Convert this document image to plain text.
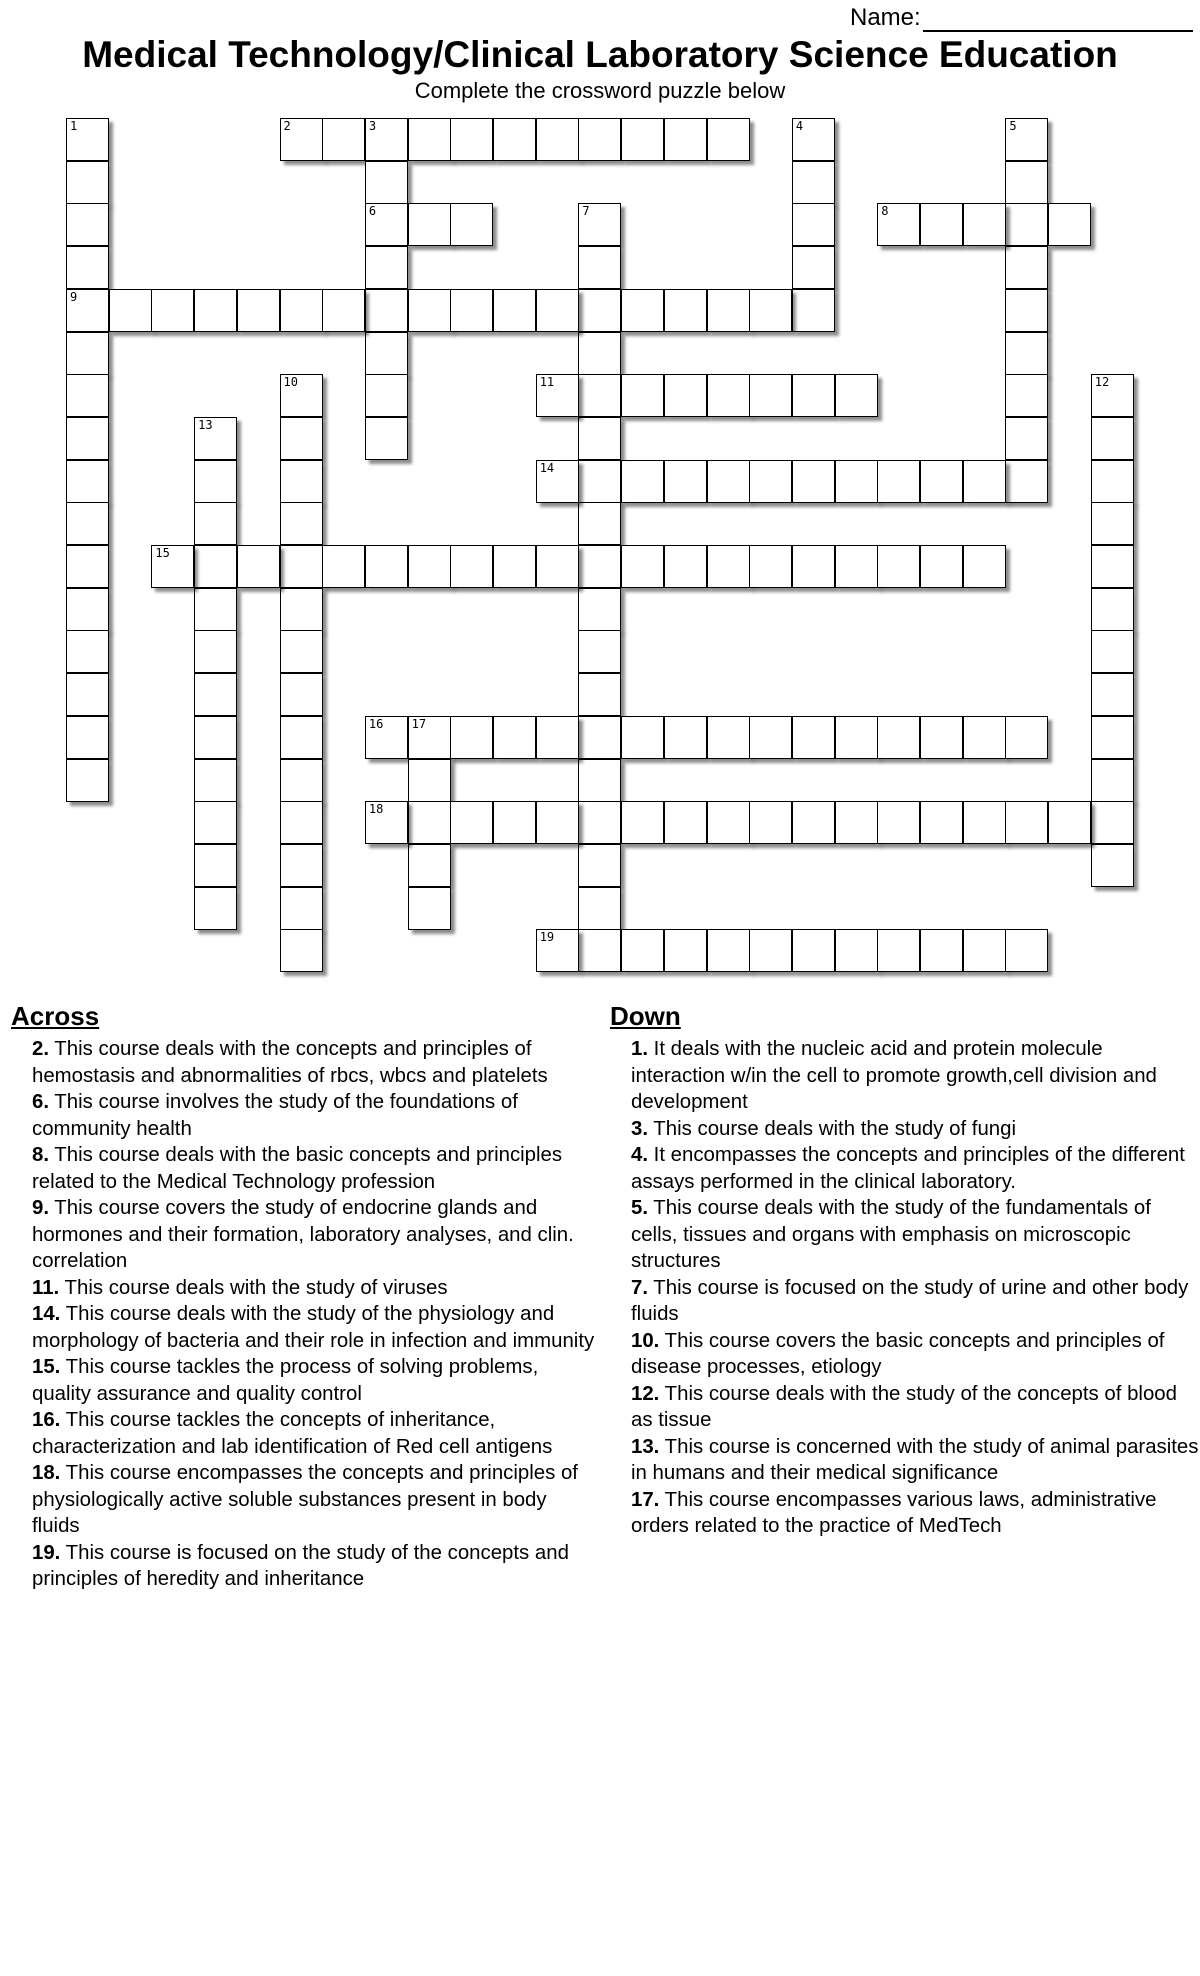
Name:
Medical Technology/Clinical Laboratory Science Education
Complete the crossword puzzle below
1
9
2	3
6
4	5
7	8
10	11	12
13
14
15
16 17
18
19
Across
2. This course deals with the concepts and principles of hemostasis and abnormalities of rbcs, wbcs and platelets
6. This course involves the study of the foundations of community health
8. This course deals with the basic concepts and principles related to the Medical Technology profession
9. This course covers the study of endocrine glands and hormones and their formation, laboratory analyses, and clin. correlation
11. This course deals with the study of viruses
14. This course deals with the study of the physiology and morphology of bacteria and their role in infection and immunity
15. This course tackles the process of solving problems, quality assurance and quality control
16. This course tackles the concepts of inheritance, characterization and lab identification of Red cell antigens
18. This course encompasses the concepts and principles of physiologically active soluble substances present in body fluids
19. This course is focused on the study of the concepts and principles of heredity and inheritance
Down
1. It deals with the nucleic acid and protein molecule interaction w/in the cell to promote growth,cell division and development
3. This course deals with the study of fungi
4. It encompasses the concepts and principles of the different assays performed in the clinical laboratory.
5. This course deals with the study of the fundamentals of cells, tissues and organs with emphasis on microscopic structures
7. This course is focused on the study of urine and other body fluids
10. This course covers the basic concepts and principles of disease processes, etiology
12. This course deals with the study of the concepts of blood as tissue
13. This course is concerned with the study of animal parasites in humans and their medical significance
17. This course encompasses various laws, administrative orders related to the practice of MedTech
